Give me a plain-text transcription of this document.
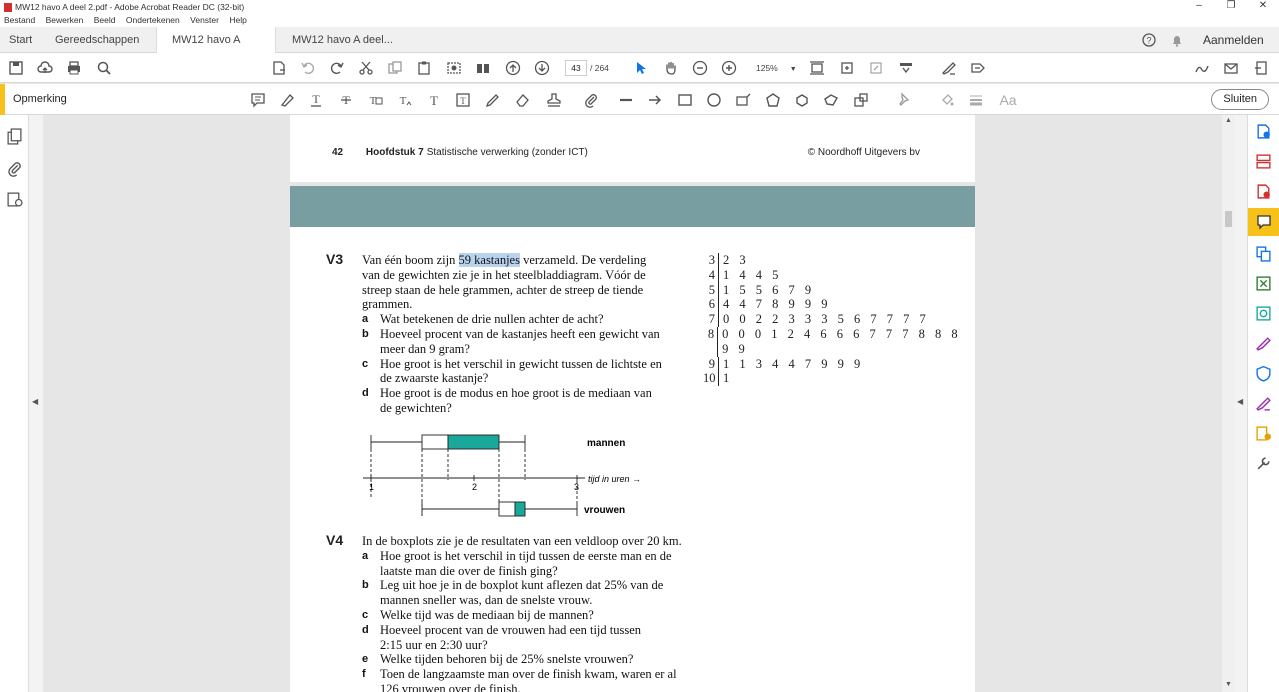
MW12 havo A deel 2.pdf - Adobe Acrobat Reader DC (32-bit)	–	❐	✕
Bestand Bewerken Beeld Ondertekenen Venster Help
Start Gereedschappen	MW12 havo A	MW12 havo A deel...	?	Aanmelden
43	/ 264	125% ▼
Opmerking	T T T T T T	Aa	Sluiten
◀
42 Hoofdstuk 7 Statistische verwerking (zonder ICT)	© Noordhoff Uitgevers bv
V3 Van één boom zijn 59 kastanjes verzameld. De verdeling
van de gewichten zie je in het steelbladdiagram. Vóór de
streep staan de hele grammen, achter de streep de tiende
grammen.
a Wat betekenen de drie nullen achter de acht?
b Hoeveel procent van de kastanjes heeft een gewicht van
meer dan 9 gram?
c Hoe groot is het verschil in gewicht tussen de lichtste en
de zwaarste kastanje?
d Hoe groot is de modus en hoe groot is de mediaan van
de gewichten?
3 2 3
4 1 4 4 5
5 1 5 5 6 7 9
6 4 4 7 8 9 9 9
7 0 0 2 2 3 3 3 5 6 7 7 7 7
8 0 0 0 1 2 4 6 6 6 7 7 7 8 8 8 9 9
9 1 1 3 4 4 7 9 9 9
10 1
mannen
vrouwen
tijd in uren →
1	2	3
V4 In de boxplots zie je de resultaten van een veldloop over 20 km.
a Hoe groot is het verschil in tijd tussen de eerste man en de
laatste man die over de finish ging?
b Leg uit hoe je in de boxplot kunt aflezen dat 25% van de
mannen sneller was, dan de snelste vrouw.
c Welke tijd was de mediaan bij de mannen?
d Hoeveel procent van de vrouwen had een tijd tussen
2:15 uur en 2:30 uur?
e Welke tijden behoren bij de 25% snelste vrouwen?
f	Toen de langzaamste man over de finish kwam, waren er al
126 vrouwen over de finish.
▲
▼
◀
